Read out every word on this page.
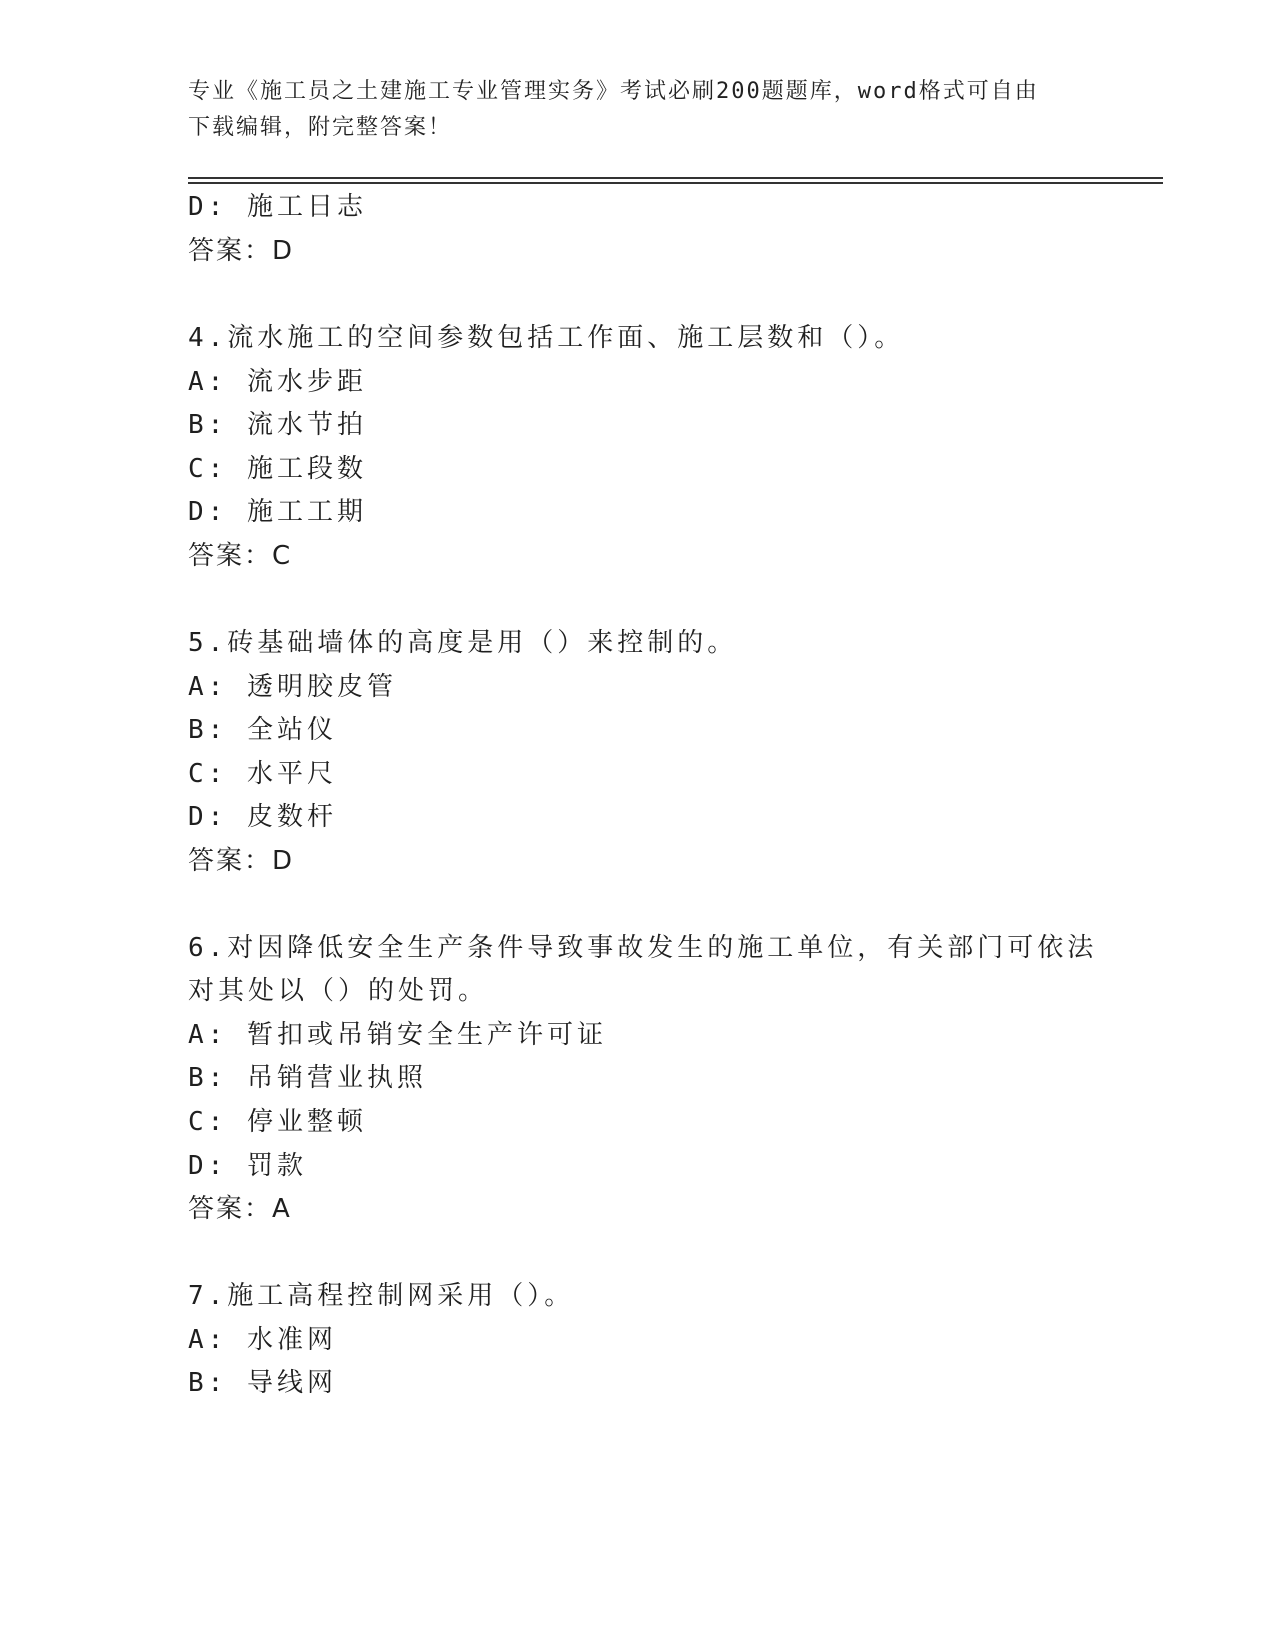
专业《施工员之土建施工专业管理实务》考试必刷200题题库，word格式可自由
下载编辑，附完整答案！
D: 施工日志
答案：D
4.流水施工的空间参数包括工作面、施工层数和（）。
A: 流水步距
B: 流水节拍
C: 施工段数
D: 施工工期
答案：C
5.砖基础墙体的高度是用（）来控制的。
A: 透明胶皮管
B: 全站仪
C: 水平尺
D: 皮数杆
答案：D
6.对因降低安全生产条件导致事故发生的施工单位，有关部门可依法
对其处以（）的处罚。
A: 暂扣或吊销安全生产许可证
B: 吊销营业执照
C: 停业整顿
D: 罚款
答案：A
7.施工高程控制网采用（）。
A: 水准网
B: 导线网
